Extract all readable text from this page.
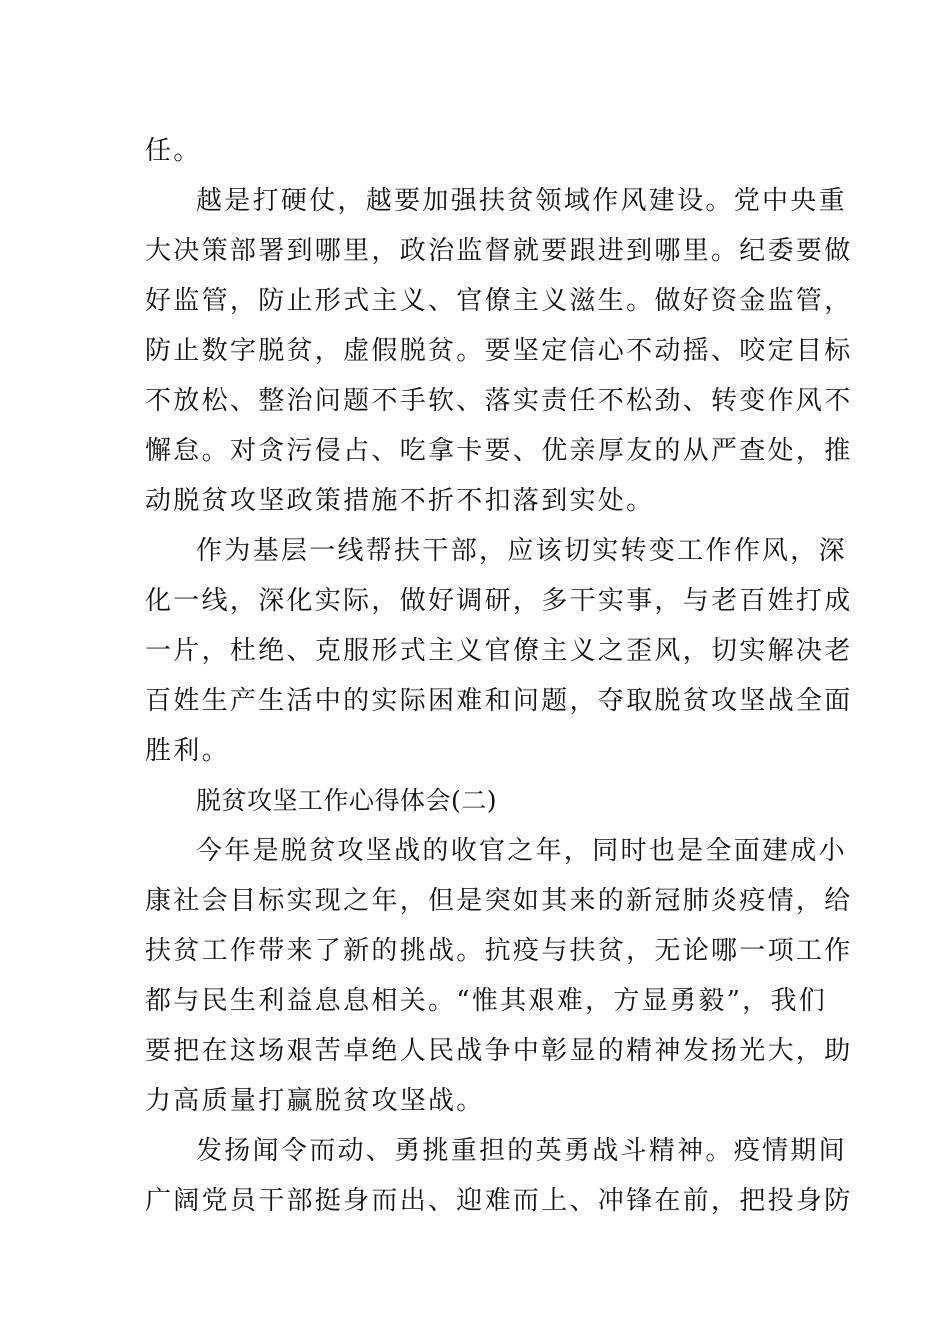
任。
越是打硬仗，越要加强扶贫领域作风建设。党中央重
大决策部署到哪里，政治监督就要跟进到哪里。纪委要做
好监管，防止形式主义、官僚主义滋生。做好资金监管，
防止数字脱贫，虚假脱贫。要坚定信心不动摇、咬定目标
不放松、整治问题不手软、落实责任不松劲、转变作风不
懈怠。对贪污侵占、吃拿卡要、优亲厚友的从严查处，推
动脱贫攻坚政策措施不折不扣落到实处。
作为基层一线帮扶干部，应该切实转变工作作风，深
化一线，深化实际，做好调研，多干实事，与老百姓打成
一片，杜绝、克服形式主义官僚主义之歪风，切实解决老
百姓生产生活中的实际困难和问题，夺取脱贫攻坚战全面
胜利。
脱贫攻坚工作心得体会(二)
今年是脱贫攻坚战的收官之年，同时也是全面建成小
康社会目标实现之年，但是突如其来的新冠肺炎疫情，给
扶贫工作带来了新的挑战。抗疫与扶贫，无论哪一项工作
都与民生利益息息相关。“惟其艰难，方显勇毅”，我们
要把在这场艰苦卓绝人民战争中彰显的精神发扬光大，助
力高质量打赢脱贫攻坚战。
发扬闻令而动、勇挑重担的英勇战斗精神。疫情期间
广阔党员干部挺身而出、迎难而上、冲锋在前，把投身防
